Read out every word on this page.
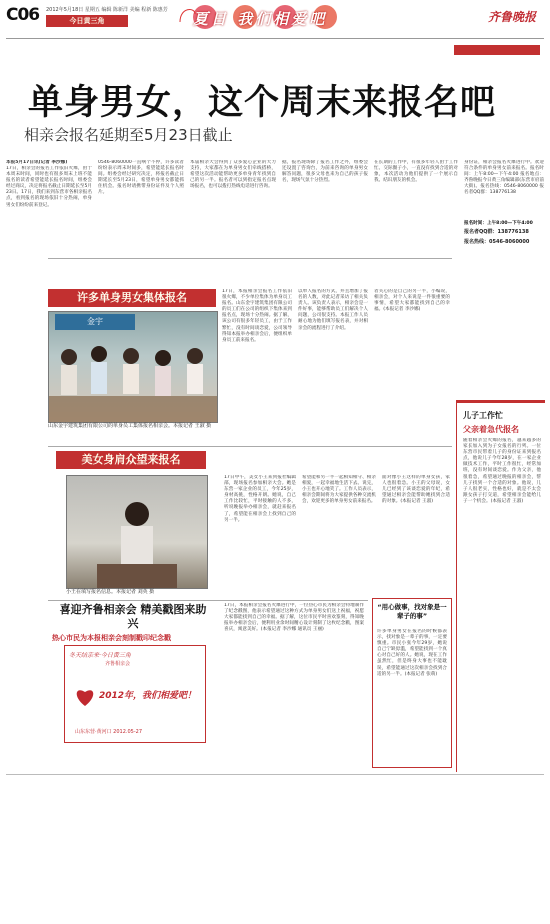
C06 2012年5月18日 星期五 编辑 陈新洋 美编 程新 陈惠芳
今日黄三角	夏日 我们相爱吧	齐鲁晚报
单身男女，这个周末来报名吧
相亲会报名延期至5月23日截止
本报5月17日讯(记者 李沙娜)
17日，相亲会的报名工作依旧火爆，由于本周末时间，同时也有很多周末上班不能报名的读者希望能延长报名时间，组委会经过商议，决定将报名截止日期延长至5月23日。17日，我们来到东营市各相亲报名点，看到报名的现场依旧十分热闹，单身男女们纷纷前来登记。
0546-8060000一直响个不停，许多读者纷纷表示周末时间多，希望能延长报名时间。组委会经过研究决定，将报名截止日期延长至5月23日，希望单身男女都能抓住机会。报名时请携带身份证件及个人照片。
本届相亲大会得到了众多爱心企业的大力支持，大家都在为单身男女们牵线搭桥，希望这次活动能帮助更多单身青年找到自己的另一半。报名者可以到指定报名点现场报名，也可以拨打热线电话进行咨询。
据，报名现场除了报名工作之外，组委会还设置了咨询台，为前来咨询的单身男女解答问题，很多父母也来为自己的孩子报名，现场气氛十分热烈。
在长期的工作中，有很多年轻人由于工作忙、交际圈子小，一直没有找到合适的对象，本次活动为他们提供了一个展示自我、结识朋友的机会。
身份证，相亲会报名火爆进行中。欢迎符合条件的单身男女前来报名。报名时间：上午8:00—下午4:00 报名地点：齐鲁晚报今日黄三角编辑部(东营市府前大街)。报名热线：0546-8060000 报名者QQ群：138776138
报名时间：上午8:00—下午4:00
报名者QQ群：138776138
报名热线：0546-8060000
许多单身男女集体报名
金宇
山东金宇建筑集团有限公司的单身员工集体报名相亲会。本报记者 王淑 摄
17日，本报相亲会报名工作依旧很火爆，不少单位集体为单身员工报名。山东金宇建筑集团有限公司的员工们在公司的组织下集体来到报名点，现场十分热闹。据了解，该公司有很多年轻员工，由于工作繁忙，没有时间谈恋爱，公司领导得知本报举办相亲会后，便组织单身员工前来报名。
以单人报名的方式，并且增加了报名的人数，对此记者采访了相关负责人。该负责人表示，相亲会是一件好事，能够帮助员工们解决个人问题，公司很支持。本报工作人员耐心地为他们填写报名表，并对相亲会的流程进行了介绍。
者关心的是自己的另一半，小编说，相亲会，对个人来说是一件很重要的事情，希望大家都能找到自己的幸福。(本报记者 李沙娜)
美女身肩众望来报名
小王在填写报名信息。本报记者 刘英 摄
17日中午，美女小王来到报社编辑部，现场报名参加相亲大会。她是东营一家企业的员工，今年25岁，身材高挑，性格开朗。她说，自己工作比较忙，平时接触的人不多，听说晚报举办相亲会，就赶来报名了，希望能在相亲会上找到自己的另一半。
希望能和另一半一起相知相守、相亲相爱，一起幸福地生活下去。说完，小王也开心地笑了。工作人员表示，相亲会期间将为大家提供各种交流机会，欢迎更多的单身男女前来报名。
面对像小王这样的单身女孩，家人也很着急。小王的父母说，女儿已经到了该谈恋爱的年纪，希望通过相亲会能帮助她找到合适的对象。(本报记者 王淑)
喜迎齐鲁相亲会 精美戳图来助兴
热心市民为本报相亲会刻制戳印纪念戳
冬天结亲来·今日黄三角
齐鲁相亲会
2012年，我们相爱吧！
山东东营·黄河口 2012.05-27
17日，本报相亲会报名火爆进行中，一位热心市民为相亲会特地制作了纪念戳图，他表示希望通过这种方式为单身男女们送上祝福，祝愿大家都能找到自己的幸福。据了解，这位市民平时喜欢篆刻，得知晚报举办相亲会后，便利用业余时间精心设计刻制了这枚纪念戳，图案喜庆，寓意美好。(本报记者 李沙娜 通讯员 王丽)
儿子工作忙
父亲着急代报名
随着相亲会火爆的报名，越来越多的家长加入到为子女报名的行列。一位东营市民带着儿子的身份证来到报名点，他说儿子今年28岁，在一家企业做技术工作，平时工作很忙，经常加班，没有时间谈恋爱。作为父亲，他很着急，希望通过晚报的相亲会，帮儿子找到一个合适的对象。他说，儿子人很老实，性格也好，就是不太会跟女孩子打交道，希望相亲会能给儿子一个机会。(本报记者 王淑)
“用心做事，找对象是一辈子的事”
许多单身男女在报名的时候都表示，找对象是一辈子的事，一定要慎重。市民小张今年29岁，她说自己宁缺毋滥，希望能找到一个真心对自己好的人。她说，现在工作虽然忙，但是终身大事也不能耽误，希望能通过这次相亲会找到合适的另一半。(本报记者 张萌)
